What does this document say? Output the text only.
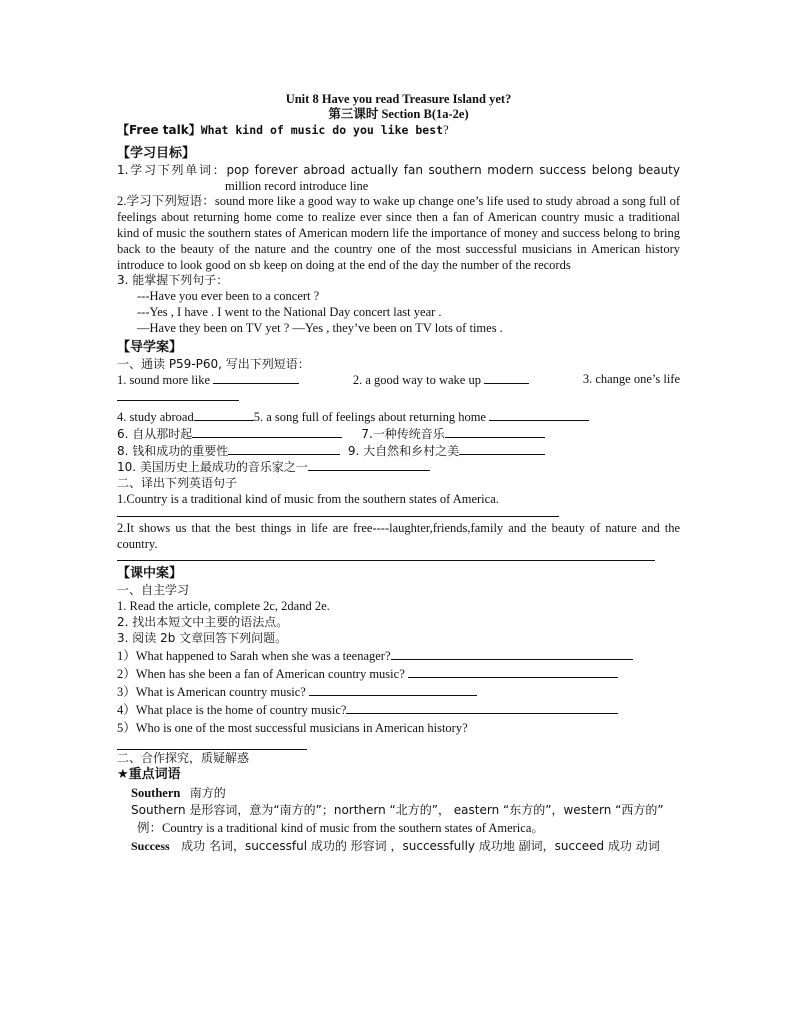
Unit 8 Have you read Treasure Island yet?
第三课时 Section B(1a-2e)
【Free talk】What kind of music do you like best?
【学习目标】
1.学习下列单词：pop forever abroad actually fan southern modern success belong beauty
million record introduce line
2.学习下列短语：sound more like a good way to wake up change one’s life used to study abroad a song full of feelings about returning home come to realize ever since then a fan of American country music a traditional kind of music the southern states of American modern life the importance of money and success belong to bring back to the beauty of the nature and the country one of the most successful musicians in American history introduce to look good on sb keep on doing at the end of the day the number of the records
3. 能掌握下列句子：
---Have you ever been to a concert ?
---Yes , I have . I went to the National Day concert last year .
—Have they been on TV yet ? —Yes , they’ve been on TV lots of times .
【导学案】
一、通读 P59-P60, 写出下列短语：
1. sound more like	2. a good way to wake up	3. change one’s life
4. study abroad	5. a song full of feelings about returning home
6. 自从那时起	7.一种传统音乐
8. 钱和成功的重要性	9. 大自然和乡村之美
10. 美国历史上最成功的音乐家之一
二、译出下列英语句子
1.Country is a traditional kind of music from the southern states of America.
2.It shows us that the best things in life are free----laughter,friends,family and the beauty of nature and the country.
【课中案】
一、自主学习
1. Read the article, complete 2c, 2dand 2e.
2. 找出本短文中主要的语法点。
3. 阅读 2b 文章回答下列问题。
1）What happened to Sarah when she was a teenager?
2）When has she been a fan of American country music?
3）What is American country music?
4）What place is the home of country music?
5）Who is one of the most successful musicians in American history?
二、合作探究，质疑解惑
★重点词语
Southern 南方的
Southern 是形容词，意为“南方的”；northern “北方的”， eastern “东方的”，western “西方的”
例：Country is a traditional kind of music from the southern states of America。
Success 成功 名词，successful 成功的 形容词 ，successfully 成功地 副词，succeed 成功 动词
